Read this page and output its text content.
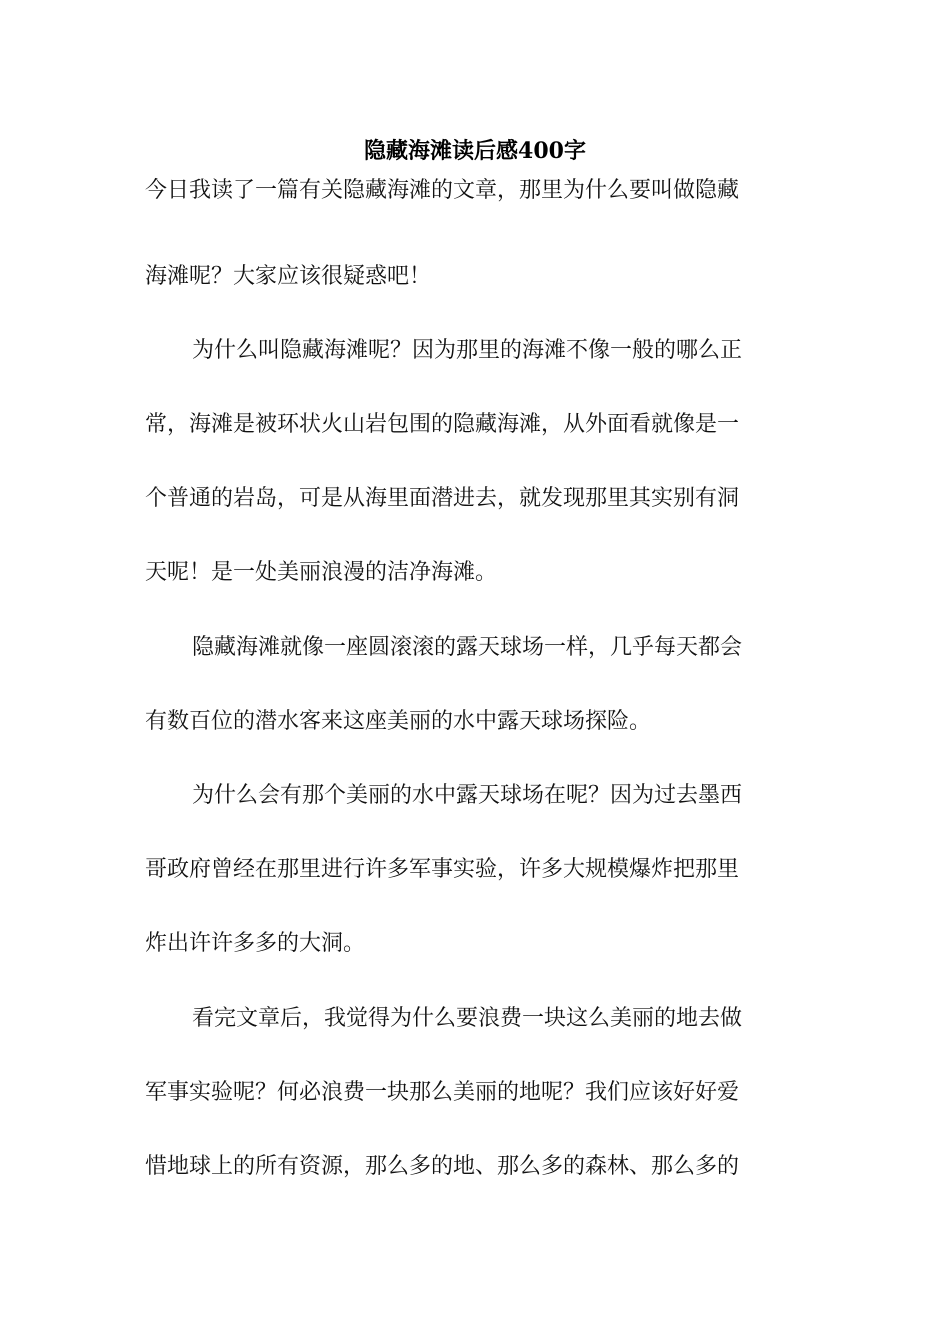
隐藏海滩读后感400字
今日我读了一篇有关隐藏海滩的文章，那里为什么要叫做隐藏
海滩呢？大家应该很疑惑吧！
为什么叫隐藏海滩呢？因为那里的海滩不像一般的哪么正
常，海滩是被环状火山岩包围的隐藏海滩，从外面看就像是一
个普通的岩岛，可是从海里面潜进去，就发现那里其实别有洞
天呢！是一处美丽浪漫的洁净海滩。
隐藏海滩就像一座圆滚滚的露天球场一样，几乎每天都会
有数百位的潜水客来这座美丽的水中露天球场探险。
为什么会有那个美丽的水中露天球场在呢？因为过去墨西
哥政府曾经在那里进行许多军事实验，许多大规模爆炸把那里
炸出许许多多的大洞。
看完文章后，我觉得为什么要浪费一块这么美丽的地去做
军事实验呢？何必浪费一块那么美丽的地呢？我们应该好好爱
惜地球上的所有资源，那么多的地、那么多的森林、那么多的
